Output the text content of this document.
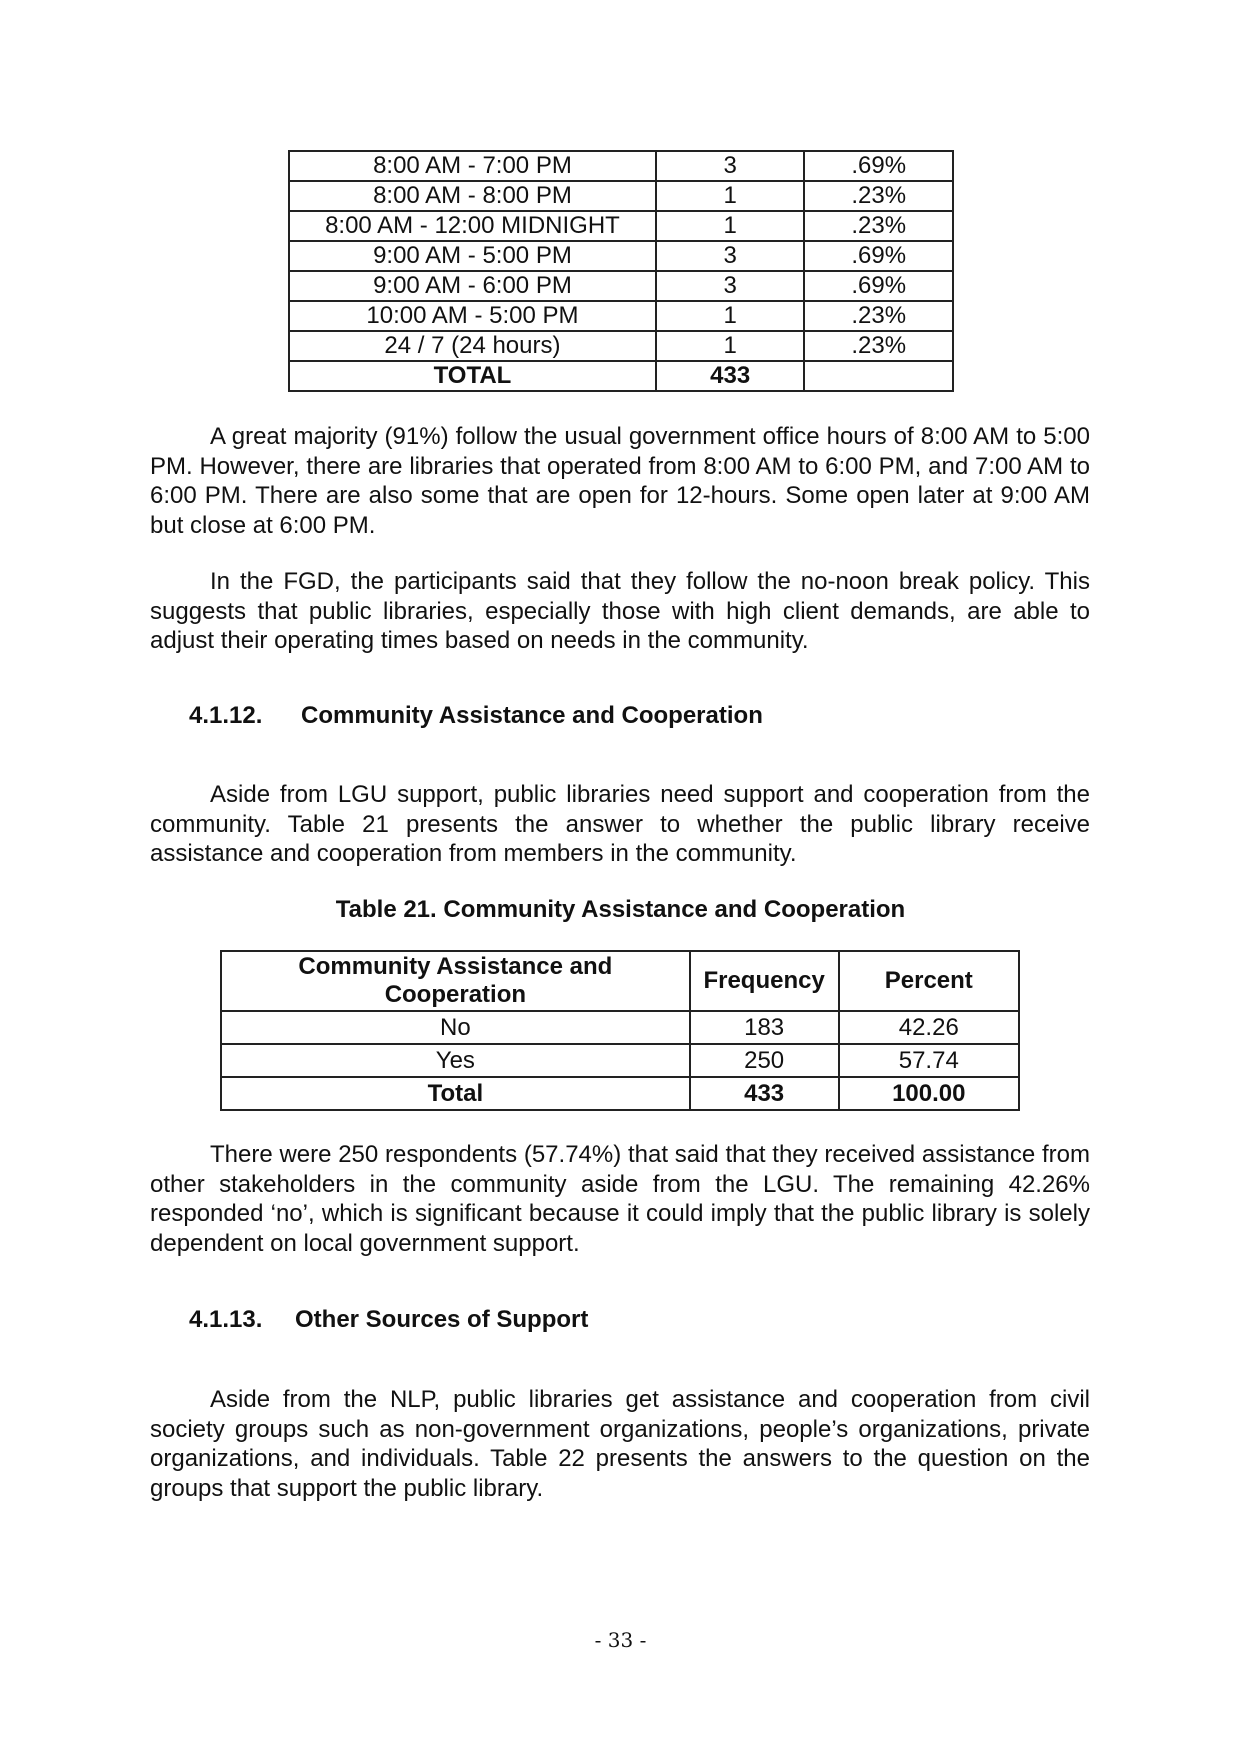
8:00 AM - 7:00 PM	3	.69%
8:00 AM - 8:00 PM	1	.23%
8:00 AM - 12:00 MIDNIGHT	1	.23%
9:00 AM - 5:00 PM	3	.69%
9:00 AM - 6:00 PM	3	.69%
10:00 AM - 5:00 PM	1	.23%
24 / 7 (24 hours)	1	.23%
TOTAL	433	

A great majority (91%) follow the usual government office hours of 8:00 AM to 5:00 PM. However, there are libraries that operated from 8:00 AM to 6:00 PM, and 7:00 AM to 6:00 PM. There are also some that are open for 12-hours. Some open later at 9:00 AM but close at 6:00 PM.

In the FGD, the participants said that they follow the no-noon break policy. This suggests that public libraries, especially those with high client demands, are able to adjust their operating times based on needs in the community.

4.1.12. Community Assistance and Cooperation

Aside from LGU support, public libraries need support and cooperation from the community. Table 21 presents the answer to whether the public library receive assistance and cooperation from members in the community.

Table 21. Community Assistance and Cooperation
Community Assistance and Cooperation	Frequency	Percent
No	183	42.26
Yes	250	57.74
Total	433	100.00

There were 250 respondents (57.74%) that said that they received assistance from other stakeholders in the community aside from the LGU. The remaining 42.26% responded ‘no’, which is significant because it could imply that the public library is solely dependent on local government support.

4.1.13. Other Sources of Support

Aside from the NLP, public libraries get assistance and cooperation from civil society groups such as non-government organizations, people’s organizations, private organizations, and individuals. Table 22 presents the answers to the question on the groups that support the public library.

- 33 -
